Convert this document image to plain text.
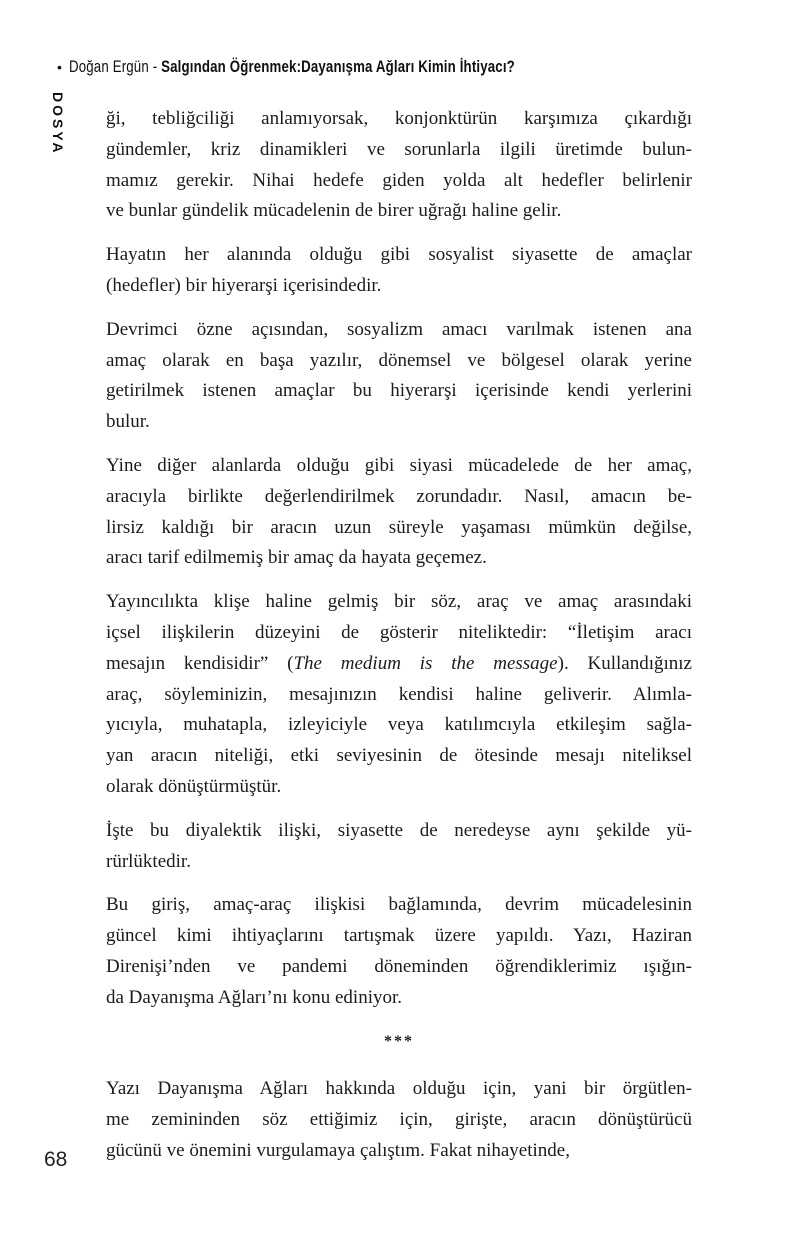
• Doğan Ergün - Salgından Öğrenmek:Dayanışma Ağları Kimin İhtiyacı?
DOSYA ği, tebliğciliği anlamıyorsak, konjonktürün karşımıza çıkardığı
gündemler, kriz dinamikleri ve sorunlarla ilgili üretimde bulun-
mamız gerekir. Nihai hedefe giden yolda alt hedefler belirlenir
ve bunlar gündelik mücadelenin de birer uğrağı haline gelir.

Hayatın her alanında olduğu gibi sosyalist siyasette de amaçlar
(hedefler) bir hiyerarşi içerisindedir.

Devrimci özne açısından, sosyalizm amacı varılmak istenen ana
amaç olarak en başa yazılır, dönemsel ve bölgesel olarak yerine
getirilmek istenen amaçlar bu hiyerarşi içerisinde kendi yerlerini
bulur.

Yine diğer alanlarda olduğu gibi siyasi mücadelede de her amaç,
aracıyla birlikte değerlendirilmek zorundadır. Nasıl, amacın be-
lirsiz kaldığı bir aracın uzun süreyle yaşaması mümkün değilse,
aracı tarif edilmemiş bir amaç da hayata geçemez.

Yayıncılıkta klişe haline gelmiş bir söz, araç ve amaç arasındaki
içsel ilişkilerin düzeyini de gösterir niteliktedir: “İletişim aracı
mesajın kendisidir” (The medium is the message). Kullandığınız
araç, söyleminizin, mesajınızın kendisi haline geliverir. Alımla-
yıcıyla, muhatapla, izleyiciyle veya katılımcıyla etkileşim sağla-
yan aracın niteliği, etki seviyesinin de ötesinde mesajı niteliksel
olarak dönüştürmüştür.

İşte bu diyalektik ilişki, siyasette de neredeyse aynı şekilde yü-
rürlüktedir.

Bu giriş, amaç-araç ilişkisi bağlamında, devrim mücadelesinin
güncel kimi ihtiyaçlarını tartışmak üzere yapıldı. Yazı, Haziran
Direnişi’nden ve pandemi döneminden öğrendiklerimiz ışığın-
da Dayanışma Ağları’nı konu ediniyor.

***

Yazı Dayanışma Ağları hakkında olduğu için, yani bir örgütlen-
me zemininden söz ettiğimiz için, girişte, aracın dönüştürücü
gücünü ve önemini vurgulamaya çalıştım. Fakat nihayetinde,

68
